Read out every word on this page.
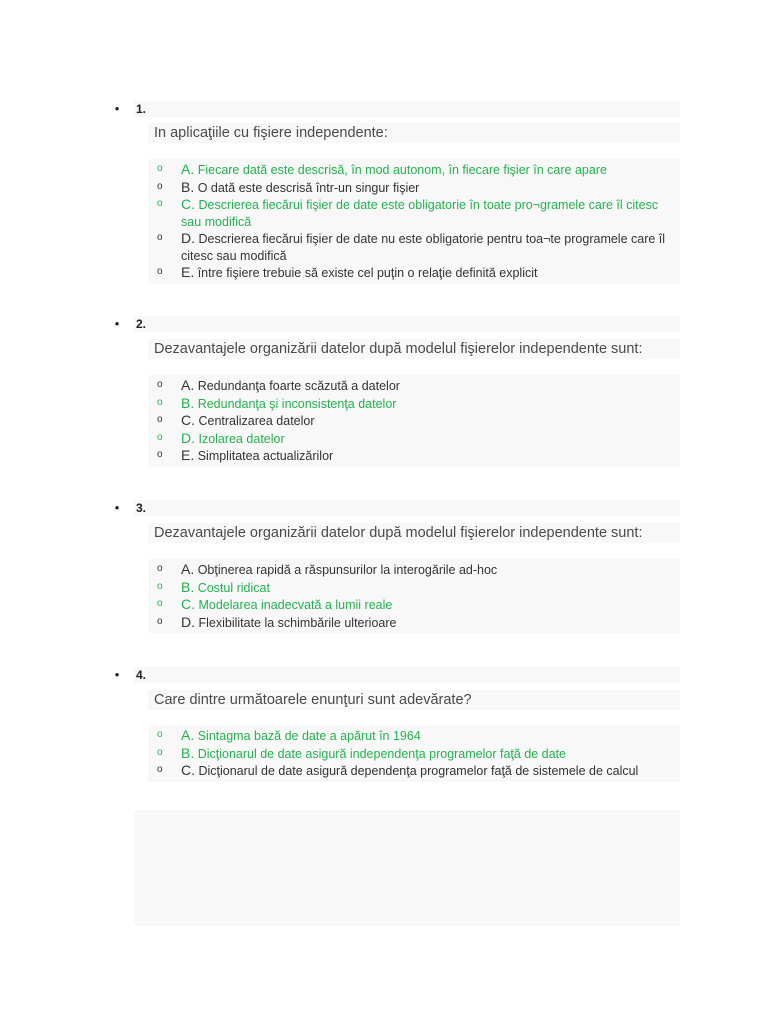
• 1.
In aplicaţiile cu fişiere independente:
o A. Fiecare dată este descrisă, în mod autonom, în fiecare fişier în care apare
o B. O dată este descrisă într-un singur fişier
o C. Descrierea fiecărui fişier de date este obligatorie în toate pro¬gramele care îl citesc sau modifică
o D. Descrierea fiecărui fişier de date nu este obligatorie pentru toa¬te programele care îl citesc sau modifică
o E. între fişiere trebuie să existe cel puţin o relaţie definită explicit
• 2.
Dezavantajele organizării datelor după modelul fişierelor independente sunt:
o A. Redundanţa foarte scăzută a datelor
o B. Redundanţa şi inconsistenţa datelor
o C. Centralizarea datelor
o D. Izolarea datelor
o E. Simplitatea actualizărilor
• 3.
Dezavantajele organizării datelor după modelul fişierelor independente sunt:
o A. Obţinerea rapidă a răspunsurilor la interogările ad-hoc
o B. Costul ridicat
o C. Modelarea inadecvată a lumii reale
o D. Flexibilitate la schimbările ulterioare
• 4.
Care dintre următoarele enunţuri sunt adevărate?
o A. Sintagma bază de date a apărut în 1964
o B. Dicţionarul de date asigură independenţa programelor faţă de date
o C. Dicţionarul de date asigură dependenţa programelor faţă de sistemele de calcul
